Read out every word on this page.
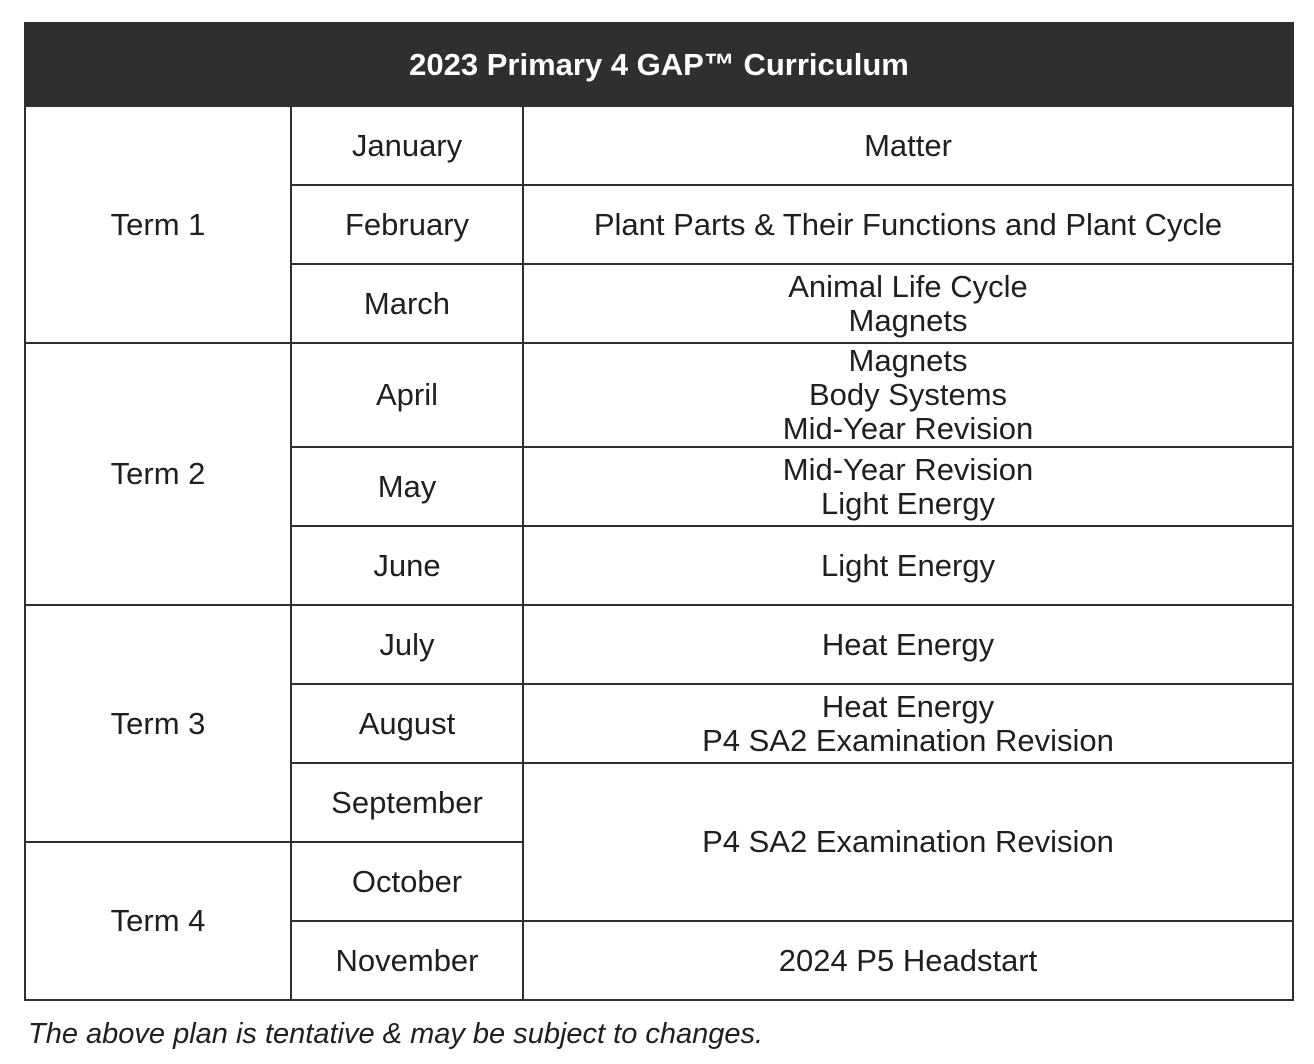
2023 Primary 4 GAP™ Curriculum		
Term 1	January	Matter

	February	Plant Parts & Their Functions and Plant Cycle

	March	Animal Life Cycle
Magnets

Term 2	April	Magnets
Body Systems
Mid-Year Revision

	May	Mid-Year Revision
Light Energy

	June	Light Energy

Term 3	July	Heat Energy

	August	Heat Energy
P4 SA2 Examination Revision

	September	P4 SA2 Examination Revision

Term 4	October	
	November	2024 P5 Headstart
The above plan is tentative & may be subject to changes.
